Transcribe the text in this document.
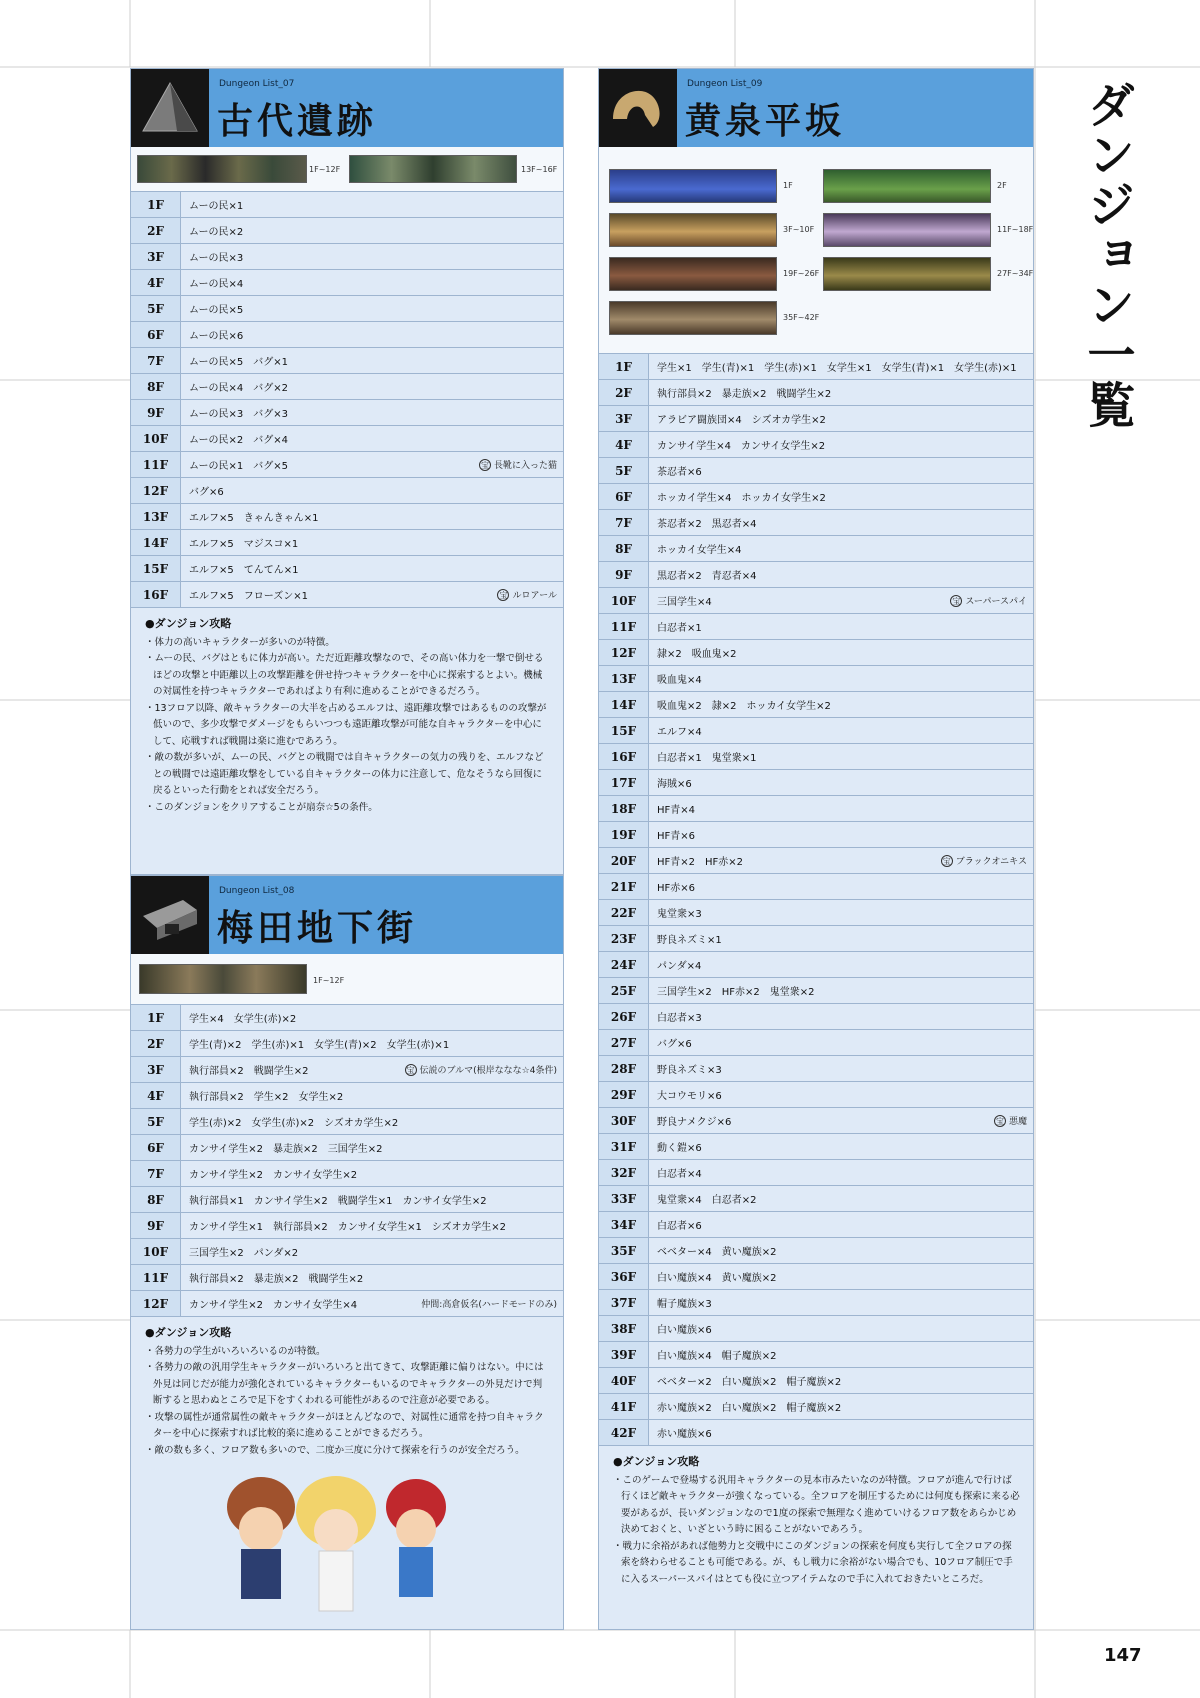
ダンジョン一覧
147
Dungeon List_07
古代遺跡
1F~12F	13F~16F
1F	ムーの民×1
2F	ムーの民×2
3F	ムーの民×3
4F	ムーの民×4
5F	ムーの民×5
6F	ムーの民×6
7F	ムーの民×5　バグ×1
8F	ムーの民×4　バグ×2
9F	ムーの民×3　バグ×3
10F	ムーの民×2　バグ×4
11F	ムーの民×1　バグ×5	宝 長靴に入った猫
12F	バグ×6
13F	エルフ×5　きゃんきゃん×1
14F	エルフ×5　マジスコ×1
15F	エルフ×5　てんてん×1
16F	エルフ×5　フローズン×1	宝 ルロアール
●ダンジョン攻略

・体力の高いキャラクターが多いのが特徴。

・ムーの民、バグはともに体力が高い。ただ近距離攻撃なので、その高い体力を一撃で倒せるほどの攻撃と中距離以上の攻撃距離を併せ持つキャラクターを中心に探索するとよい。機械の対属性を持つキャラクターであればより有利に進めることができるだろう。

・13フロア以降、敵キャラクターの大半を占めるエルフは、遠距離攻撃ではあるものの攻撃が低いので、多少攻撃でダメージをもらいつつも遠距離攻撃が可能な自キャラクターを中心にして、応戦すれば戦闘は楽に進むであろう。

・敵の数が多いが、ムーの民、バグとの戦闘では自キャラクターの気力の残りを、エルフなどとの戦闘では遠距離攻撃をしている自キャラクターの体力に注意して、危なそうなら回復に戻るといった行動をとれば安全だろう。

・このダンジョンをクリアすることが扇奈☆5の条件。

Dungeon List_08
梅田地下街
1F~12F
1F	学生×4　女学生(赤)×2
2F	学生(青)×2　学生(赤)×1　女学生(青)×2　女学生(赤)×1
3F	執行部員×2　戦闘学生×2	宝 伝説のブルマ(根岸ななな☆4条件)
4F	執行部員×2　学生×2　女学生×2
5F	学生(赤)×2　女学生(赤)×2　シズオカ学生×2
6F	カンサイ学生×2　暴走族×2　三国学生×2
7F	カンサイ学生×2　カンサイ女学生×2
8F	執行部員×1　カンサイ学生×2　戦闘学生×1　カンサイ女学生×2
9F	カンサイ学生×1　執行部員×2　カンサイ女学生×1　シズオカ学生×2
10F	三国学生×2　パンダ×2
11F	執行部員×2　暴走族×2　戦闘学生×2
12F	カンサイ学生×2　カンサイ女学生×4	仲間:高倉仮名(ハードモードのみ)
●ダンジョン攻略

・各勢力の学生がいろいろいるのが特徴。

・各勢力の敵の汎用学生キャラクターがいろいろと出てきて、攻撃距離に偏りはない。中には外見は同じだが能力が強化されているキャラクターもいるのでキャラクターの外見だけで判断すると思わぬところで足下をすくわれる可能性があるので注意が必要である。

・攻撃の属性が通常属性の敵キャラクターがほとんどなので、対属性に通常を持つ自キャラクターを中心に探索すれば比較的楽に進めることができるだろう。

・敵の数も多く、フロア数も多いので、二度か三度に分けて探索を行うのが安全だろう。

Dungeon List_09
黄泉平坂
1F	2F
3F~10F	11F~18F
19F~26F	27F~34F
35F~42F
1F	学生×1　学生(青)×1　学生(赤)×1　女学生×1　女学生(青)×1　女学生(赤)×1
2F	執行部員×2　暴走族×2　戦闘学生×2
3F	アラビア闘族団×4　シズオカ学生×2
4F	カンサイ学生×4　カンサイ女学生×2
5F	茶忍者×6
6F	ホッカイ学生×4　ホッカイ女学生×2
7F	茶忍者×2　黒忍者×4
8F	ホッカイ女学生×4
9F	黒忍者×2　青忍者×4
10F	三国学生×4	宝 スーパースパイ
11F	白忍者×1
12F	隷×2　吸血鬼×2
13F	吸血鬼×4
14F	吸血鬼×2　隷×2　ホッカイ女学生×2
15F	エルフ×4
16F	白忍者×1　鬼堂衆×1
17F	海賊×6
18F	HF青×4
19F	HF青×6
20F	HF青×2　HF赤×2	宝 ブラックオニキス
21F	HF赤×6
22F	鬼堂衆×3
23F	野良ネズミ×1
24F	パンダ×4
25F	三国学生×2　HF赤×2　鬼堂衆×2
26F	白忍者×3
27F	バグ×6
28F	野良ネズミ×3
29F	大コウモリ×6
30F	野良ナメクジ×6	宝 悪魔
31F	動く鎧×6
32F	白忍者×4
33F	鬼堂衆×4　白忍者×2
34F	白忍者×6
35F	ベベター×4　黄い魔族×2
36F	白い魔族×4　黄い魔族×2
37F	帽子魔族×3
38F	白い魔族×6
39F	白い魔族×4　帽子魔族×2
40F	ベベター×2　白い魔族×2　帽子魔族×2
41F	赤い魔族×2　白い魔族×2　帽子魔族×2
42F	赤い魔族×6
●ダンジョン攻略

・このゲームで登場する汎用キャラクターの見本市みたいなのが特徴。フロアが進んで行けば行くほど敵キャラクターが強くなっている。全フロアを制圧するためには何度も探索に来る必要があるが、長いダンジョンなので1度の探索で無理なく進めていけるフロア数をあらかじめ決めておくと、いざという時に困ることがないであろう。

・戦力に余裕があれば他勢力と交戦中にこのダンジョンの探索を何度も実行して全フロアの探索を終わらせることも可能である。が、もし戦力に余裕がない場合でも、10フロア制圧で手に入るスーパースパイはとても役に立つアイテムなので手に入れておきたいところだ。
